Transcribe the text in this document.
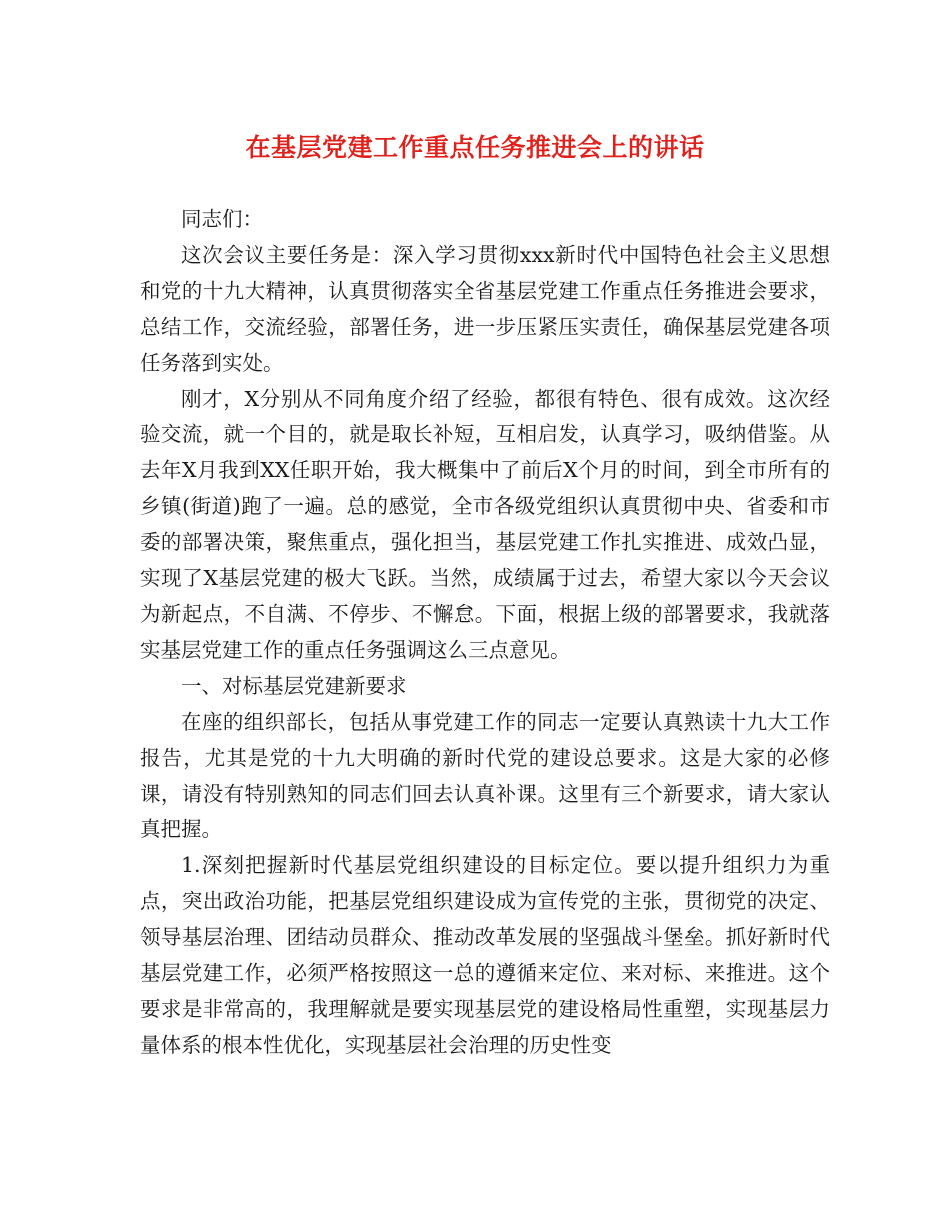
在基层党建工作重点任务推进会上的讲话

同志们：

这次会议主要任务是：深入学习贯彻xxx新时代中国特色社会主义思想和党的十九大精神，认真贯彻落实全省基层党建工作重点任务推进会要求，总结工作，交流经验，部署任务，进一步压紧压实责任，确保基层党建各项任务落到实处。

刚才，X分别从不同角度介绍了经验，都很有特色、很有成效。这次经验交流，就一个目的，就是取长补短，互相启发，认真学习，吸纳借鉴。从去年X月我到XX任职开始，我大概集中了前后X个月的时间，到全市所有的乡镇(街道)跑了一遍。总的感觉，全市各级党组织认真贯彻中央、省委和市委的部署决策，聚焦重点，强化担当，基层党建工作扎实推进、成效凸显，实现了X基层党建的极大飞跃。当然，成绩属于过去，希望大家以今天会议为新起点，不自满、不停步、不懈怠。下面，根据上级的部署要求，我就落实基层党建工作的重点任务强调这么三点意见。

一、对标基层党建新要求

在座的组织部长，包括从事党建工作的同志一定要认真熟读十九大工作报告，尤其是党的十九大明确的新时代党的建设总要求。这是大家的必修课，请没有特别熟知的同志们回去认真补课。这里有三个新要求，请大家认真把握。

1.深刻把握新时代基层党组织建设的目标定位。要以提升组织力为重点，突出政治功能，把基层党组织建设成为宣传党的主张，贯彻党的决定、领导基层治理、团结动员群众、推动改革发展的坚强战斗堡垒。抓好新时代基层党建工作，必须严格按照这一总的遵循来定位、来对标、来推进。这个要求是非常高的，我理解就是要实现基层党的建设格局性重塑，实现基层力量体系的根本性优化，实现基层社会治理的历史性变
